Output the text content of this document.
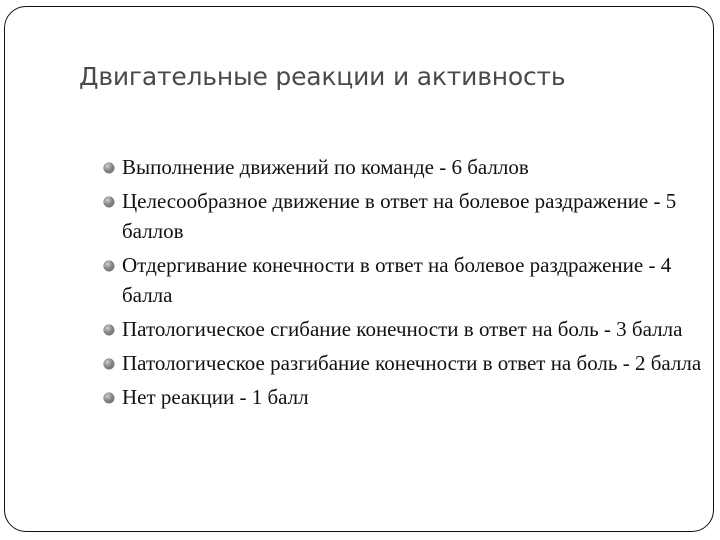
Двигательные реакции и активность
Выполнение движений по команде - 6 баллов
Целесообразное движение в ответ на болевое раздражение - 5 баллов
Отдергивание конечности в ответ на болевое раздражение - 4 балла
Патологическое сгибание конечности в ответ на боль - 3 балла
Патологическое разгибание конечности в ответ на боль - 2 балла
Нет реакции - 1 балл
